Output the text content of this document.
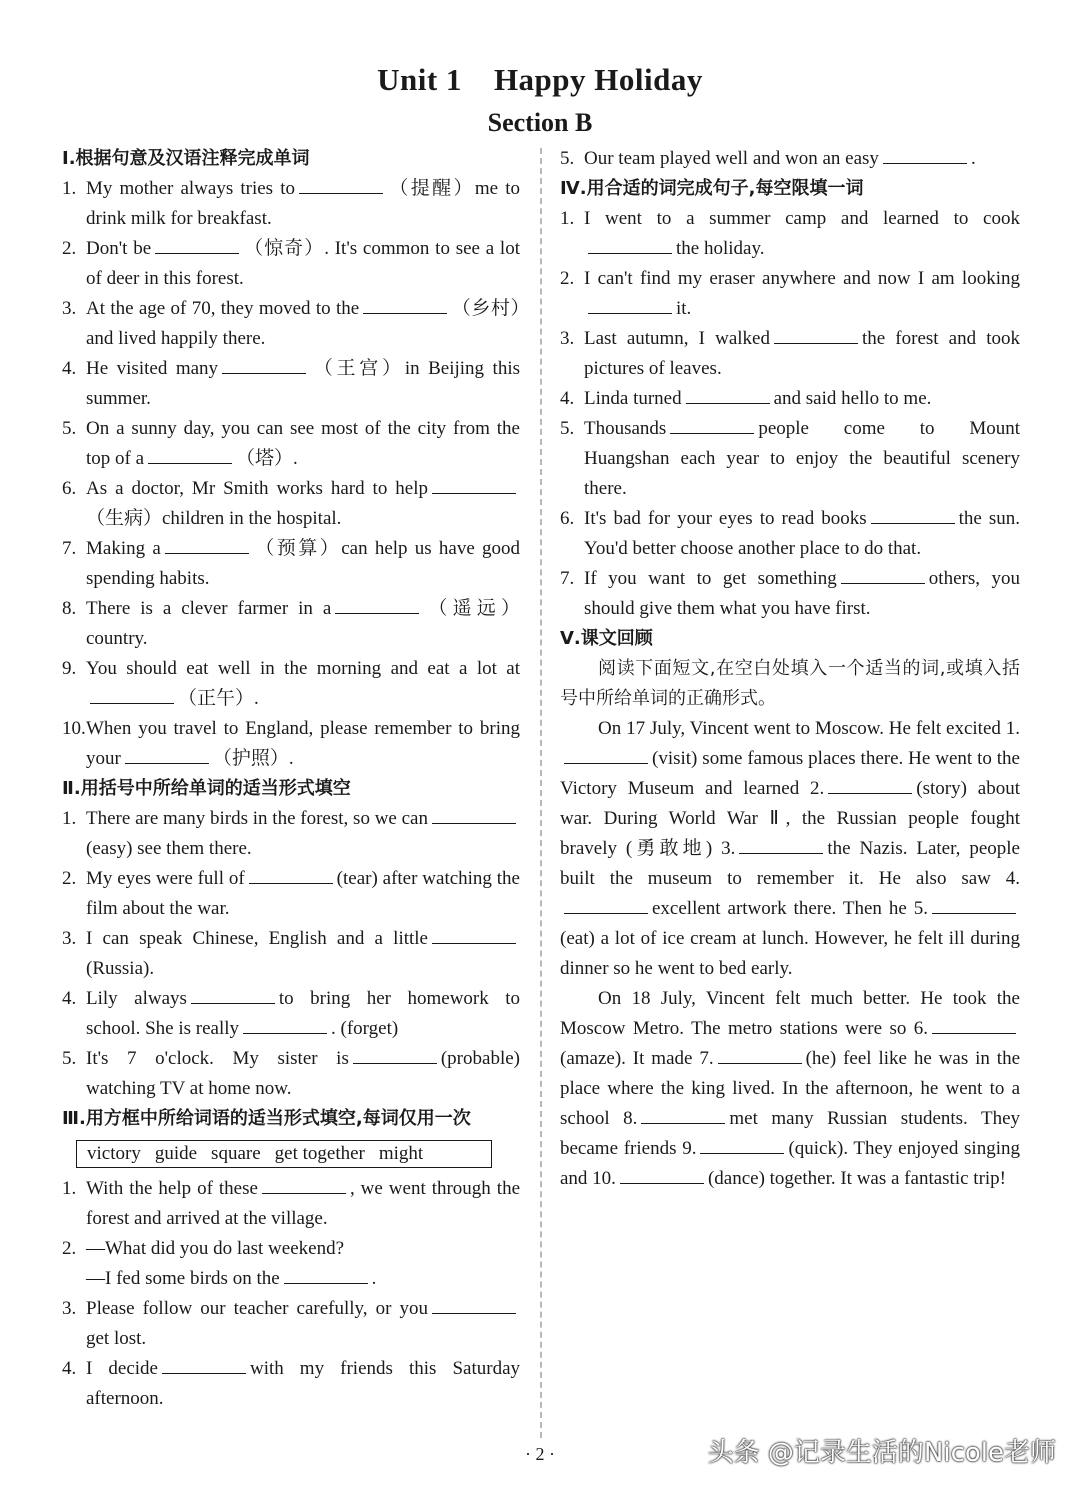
Unit 1 Happy Holiday
Section B
Ⅰ.根据句意及汉语注释完成单词

1. My mother always tries to	（提醒）me to drink milk for breakfast.

2. Don't be	（惊奇）. It's common to see a lot of deer in this forest.

3. At the age of 70, they moved to the	（乡村）and lived happily there.

4. He visited many	（王宫）in Beijing this summer.

5. On a sunny day, you can see most of the city from the top of a	（塔）.

6. As a doctor, Mr Smith works hard to help（生病）children in the hospital.

7. Making a	（预算）can help us have good spending habits.

8. There is a clever farmer in a	（遥远）country.

9. You should eat well in the morning and eat a lot at（正午）.

10.When you travel to England, please remember to bring your	（护照）.

Ⅱ.用括号中所给单词的适当形式填空

1. There are many birds in the forest, so we can(easy) see them there.

2. My eyes were full of	(tear) after watching the film about the war.

3. I can speak Chinese, English and a little(Russia).

4. Lily always	to bring her homework to school. She is really	. (forget)

5. It's 7 o'clock. My sister is	(probable) watching TV at home now.

Ⅲ.用方框中所给词语的适当形式填空,每词仅用一次
victory guide square get together might

1. With the help of these	, we went through the forest and arrived at the village.

2. —What did you do last weekend?
—I fed some birds on the	.

3. Please follow our teacher carefully, or youget lost.

4. I decide	with my friends this Saturday afternoon.

5. Our team played well and won an easy	.

Ⅳ.用合适的词完成句子,每空限填一词

1. I went to a summer camp and learned to cookthe holiday.

2. I can't find my eraser anywhere and now I am lookingit.

3. Last autumn, I walked	the forest and took pictures of leaves.

4. Linda turned	and said hello to me.

5. Thousands	people come to Mount Huangshan each year to enjoy the beautiful scenery there.

6. It's bad for your eyes to read books	the sun. You'd better choose another place to do that.

7. If you want to get something	others, you should give them what you have first.

Ⅴ.课文回顾

阅读下面短文,在空白处填入一个适当的词,或填入括号中所给单词的正确形式。

On 17 July, Vincent went to Moscow. He felt excited 1.(visit) some famous places there. He went to the Victory Museum and learned 2.	(story) about war. During World War Ⅱ, the Russian people fought bravely (勇敢地) 3.	the Nazis. Later, people built the museum to remember it. He also saw 4.excellent artwork there. Then he 5.(eat) a lot of ice cream at lunch. However, he felt ill during dinner so he went to bed early.

On 18 July, Vincent felt much better. He took the Moscow Metro. The metro stations were so 6.(amaze). It made 7.	(he) feel like he was in the place where the king lived. In the afternoon, he went to a school 8.	met many Russian students. They became friends 9.	(quick). They enjoyed singing and 10.	(dance) together. It was a fantastic trip!

· 2 ·	头条 @记录生活的Nicole老师
